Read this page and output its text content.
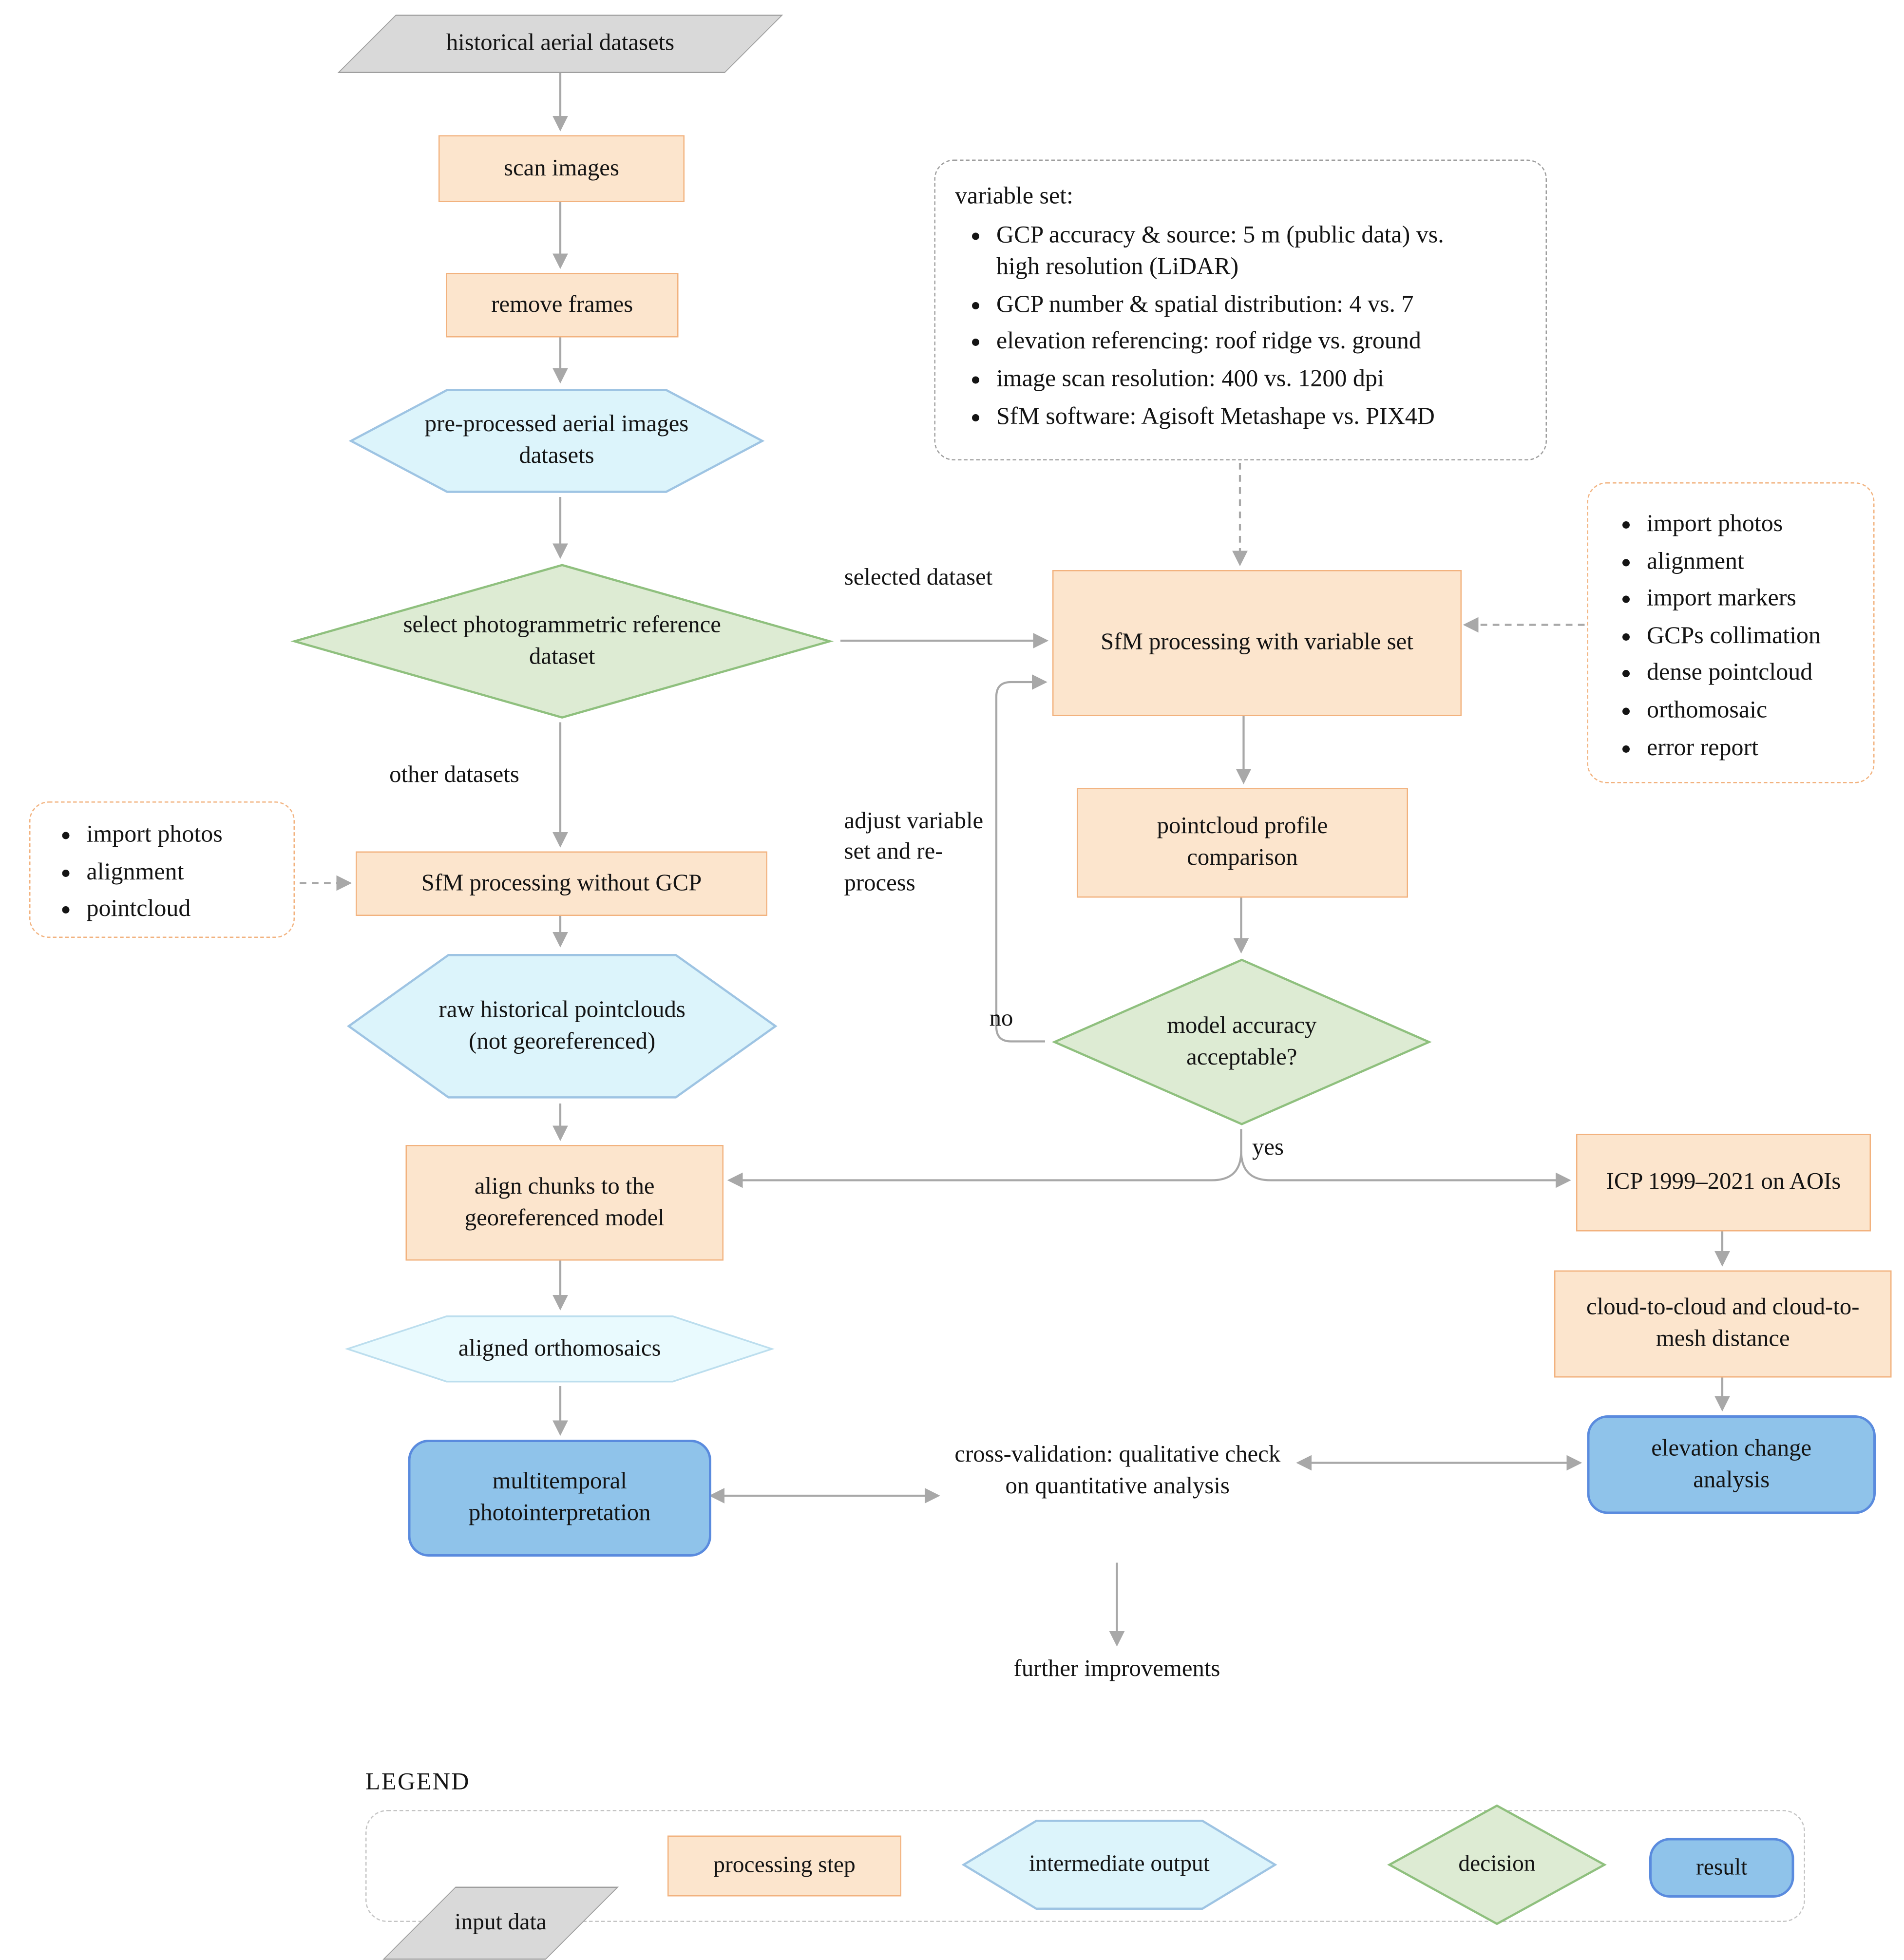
historical aerial datasets
scan images
remove frames
pre-processed aerial images datasets
select photogrammetric reference dataset
SfM processing without GCP
raw historical pointclouds (not georeferenced)
align chunks to the georeferenced model
aligned orthomosaics
multitemporal photointerpretation

variable set:

• GCP accuracy & source: 5 m (public data) vs. high resolution (LiDAR)
• GCP number & spatial distribution: 4 vs. 7
• elevation referencing: roof ridge vs. ground
• image scan resolution: 400 vs. 1200 dpi
• SfM software: Agisoft Metashape vs. PIX4D
SfM processing with variable set
pointcloud profile comparison
model accuracy acceptable?
• import photos
• alignment
• import markers
• GCPs collimation
• dense pointcloud
• orthomosaic
• error report
ICP 1999–2021 on AOIs
cloud-to-cloud and cloud-to-mesh distance
elevation change analysis
• import photos
• alignment
• pointcloud
cross-validation: qualitative check on quantitative analysis
further improvements
selected dataset
other datasets
adjust variable set and re-process
no
yes
LEGEND
input data
processing step	intermediate output	decision	result
